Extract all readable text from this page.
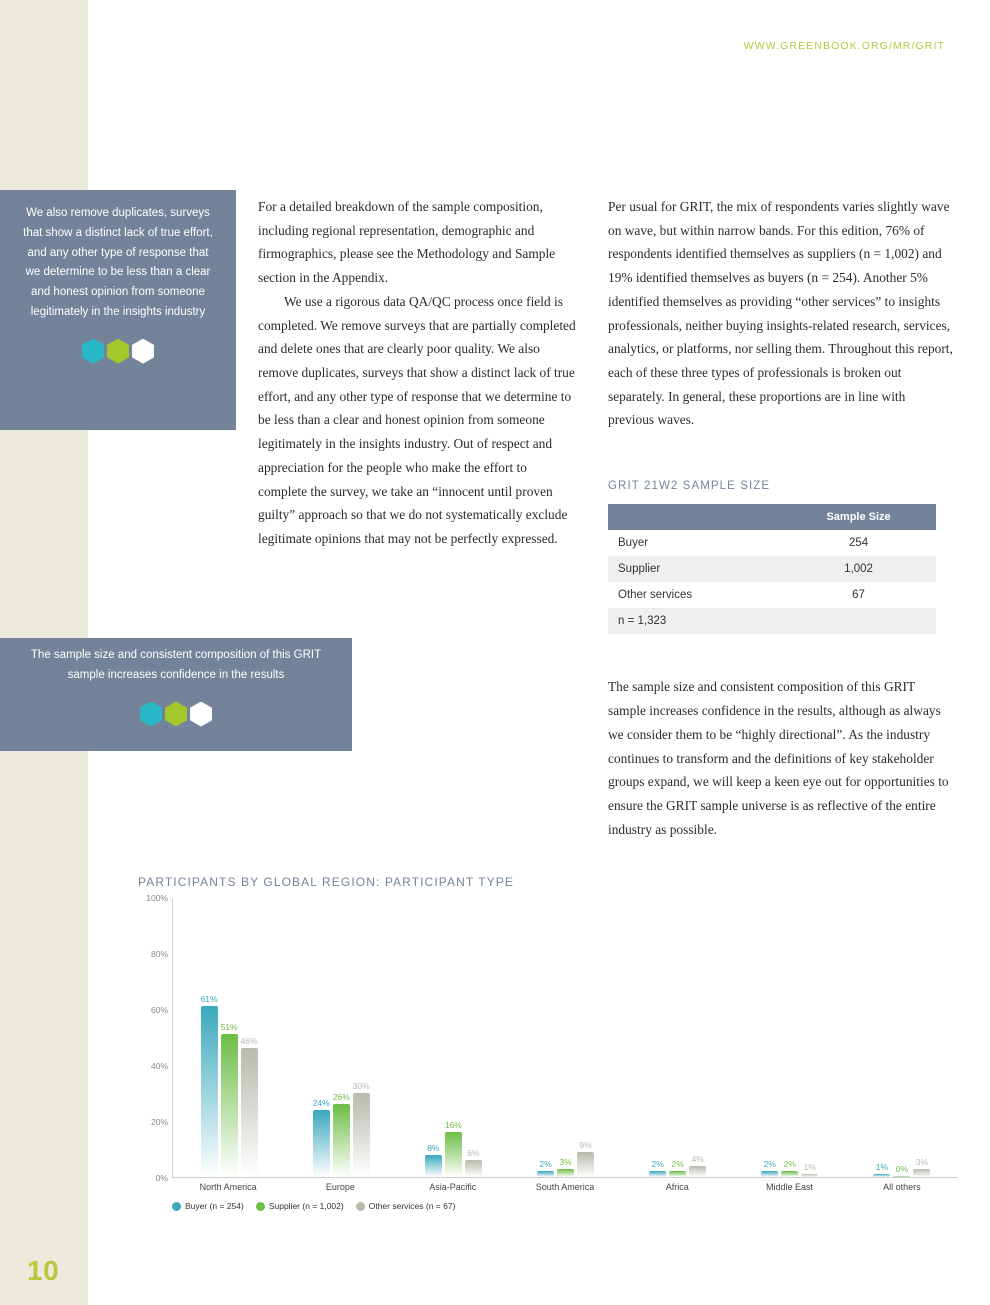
10
WWW.GREENBOOK.ORG/MR/GRIT
We also remove duplicates, surveys that show a distinct lack of true effort, and any other type of response that we determine to be less than a clear and honest opinion from someone legitimately in the insights industry
The sample size and consistent composition of this GRIT sample increases confidence in the results

For a detailed breakdown of the sample composition, including regional representation, demographic and firmographics, please see the Methodology and Sample section in the Appendix.

We use a rigorous data QA/QC process once field is completed. We remove surveys that are partially completed and delete ones that are clearly poor quality. We also remove duplicates, surveys that show a distinct lack of true effort, and any other type of response that we determine to be less than a clear and honest opinion from someone legitimately in the insights industry. Out of respect and appreciation for the people who make the effort to complete the survey, we take an “innocent until proven guilty” approach so that we do not systematically exclude legitimate opinions that may not be perfectly expressed.

Per usual for GRIT, the mix of respondents varies slightly wave on wave, but within narrow bands. For this edition, 76% of respondents identified themselves as suppliers (n = 1,002) and 19% identified themselves as buyers (n = 254). Another 5% identified themselves as providing “other services” to insights professionals, neither buying insights-related research, services, analytics, or platforms, nor selling them. Throughout this report, each of these three types of professionals is broken out separately. In general, these proportions are in line with previous waves.

GRIT 21W2 SAMPLE SIZE
	Sample Size
Buyer	254
Supplier	1,002
Other services	67
n = 1,323	

The sample size and consistent composition of this GRIT sample increases confidence in the results, although as always we consider them to be “highly directional”. As the industry continues to transform and the definitions of key stakeholder groups expand, we will keep a keen eye out for opportunities to ensure the GRIT sample universe is as reflective of the entire industry as possible.

PARTICIPANTS BY GLOBAL REGION: PARTICIPANT TYPE
100%
80%
60%
40%
20%
0%
61%
51%
46%
24%
26%
30%
8%
16%
6%
2% 3%
9%
2% 2%
4%
2% 2% 1%	1% 0%
3%
North America	Europe	Asia-Pacific	South America	Africa	Middle East	All others
Buyer (n = 254)	Supplier (n = 1,002)	Other services (n = 67)
